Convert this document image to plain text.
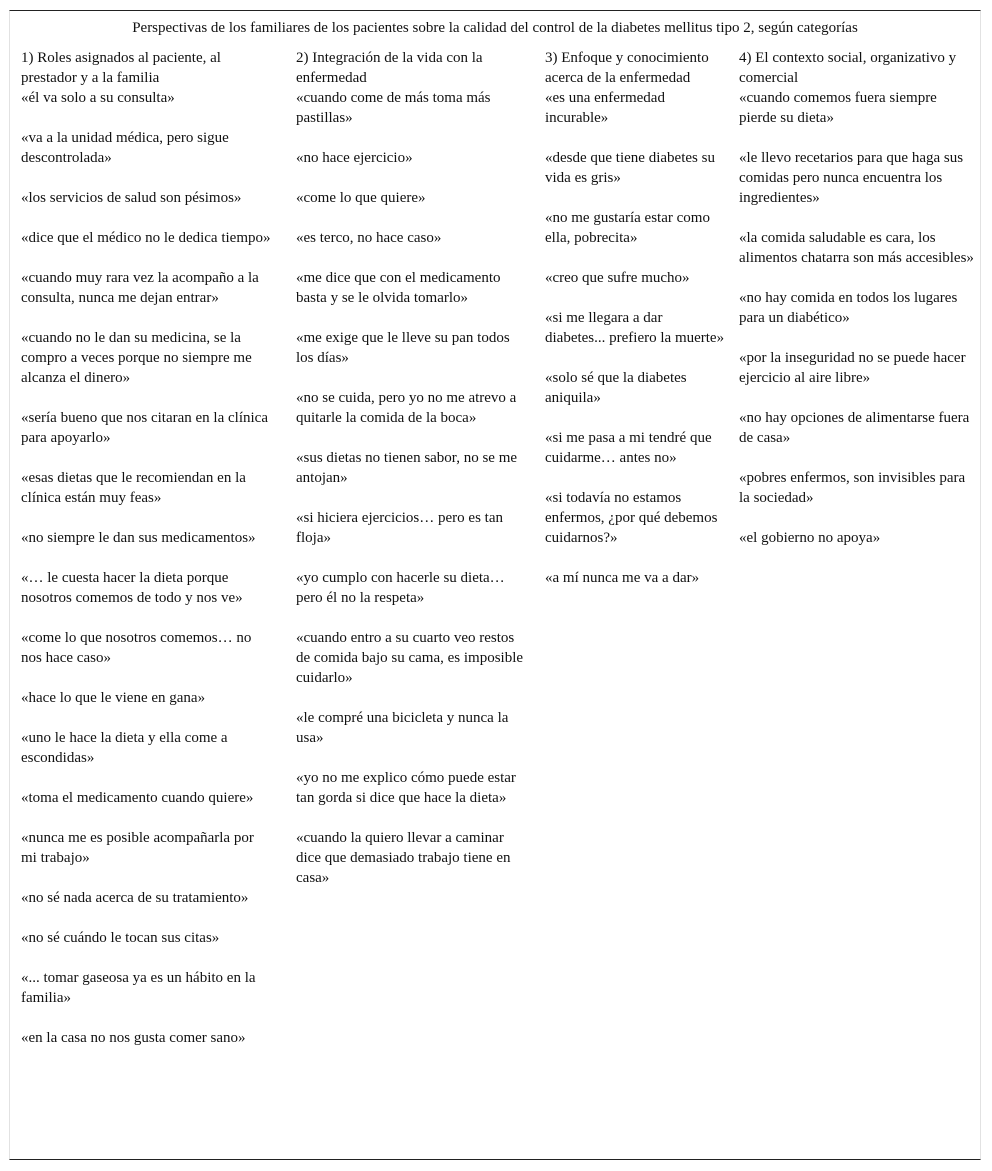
Perspectivas de los familiares de los pacientes sobre la calidad del control de la diabetes mellitus tipo 2, según categorías

1) Roles asignados al paciente, al prestador y a la familia

«él va solo a su consulta»
«va a la unidad médica, pero sigue descontrolada»
«los servicios de salud son pésimos»
«dice que el médico no le dedica tiempo»
«cuando muy rara vez la acompaño a la consulta, nunca me dejan entrar»
«cuando no le dan su medicina, se la compro a veces porque no siempre me alcanza el dinero»
«sería bueno que nos citaran en la clínica para apoyarlo»
«esas dietas que le recomiendan en la clínica están muy feas»
«no siempre le dan sus medicamentos»
«… le cuesta hacer la dieta porque nosotros comemos de todo y nos ve»
«come lo que nosotros comemos… no nos hace caso»
«hace lo que le viene en gana»
«uno le hace la dieta y ella come a escondidas»
«toma el medicamento cuando quiere»
«nunca me es posible acompañarla por mi trabajo»
«no sé nada acerca de su tratamiento»
«no sé cuándo le tocan sus citas»
«... tomar gaseosa ya es un hábito en la familia»
«en la casa no nos gusta comer sano»

2) Integración de la vida con la enfermedad

«cuando come de más toma más pastillas»
«no hace ejercicio»
«come lo que quiere»
«es terco, no hace caso»
«me dice que con el medicamento basta y se le olvida tomarlo»
«me exige que le lleve su pan todos los días»
«no se cuida, pero yo no me atrevo a quitarle la comida de la boca»
«sus dietas no tienen sabor, no se me antojan»
«si hiciera ejercicios… pero es tan floja»
«yo cumplo con hacerle su dieta… pero él no la respeta»
«cuando entro a su cuarto veo restos de comida bajo su cama, es imposible cuidarlo»
«le compré una bicicleta y nunca la usa»
«yo no me explico cómo puede estar tan gorda si dice que hace la dieta»
«cuando la quiero llevar a caminar dice que demasiado trabajo tiene en casa»

3) Enfoque y conocimiento acerca de la enfermedad

«es una enfermedad incurable»
«desde que tiene diabetes su vida es gris»
«no me gustaría estar como ella, pobrecita»
«creo que sufre mucho»
«si me llegara a dar diabetes... prefiero la muerte»
«solo sé que la diabetes aniquila»
«si me pasa a mi tendré que cuidarme… antes no»
«si todavía no estamos enfermos, ¿por qué debemos cuidarnos?»
«a mí nunca me va a dar»

4) El contexto social, organizativo y comercial

«cuando comemos fuera siempre pierde su dieta»
«le llevo recetarios para que haga sus comidas pero nunca encuentra los ingredientes»
«la comida saludable es cara, los alimentos chatarra son más accesibles»
«no hay comida en todos los lugares para un diabético»
«por la inseguridad no se puede hacer ejercicio al aire libre»
«no hay opciones de alimentarse fuera de casa»
«pobres enfermos, son invisibles para la sociedad»
«el gobierno no apoya»
